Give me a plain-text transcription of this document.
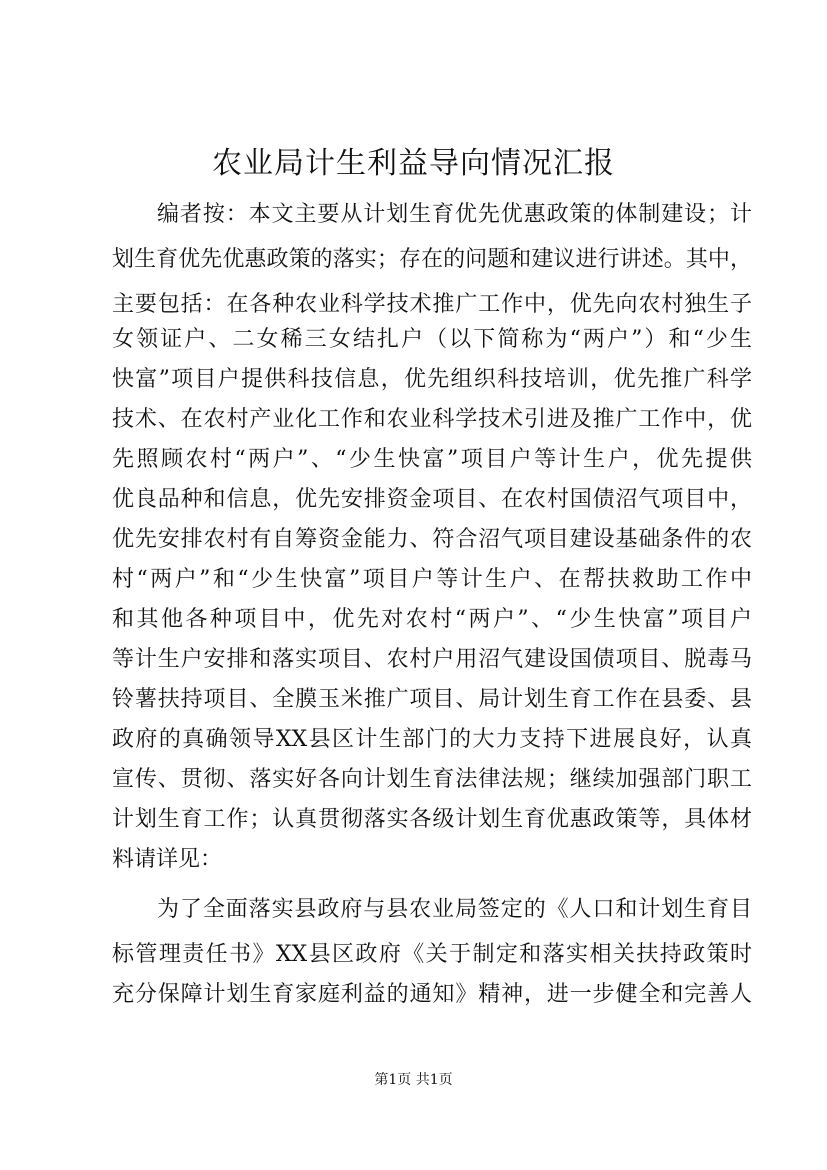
农业局计生利益导向情况汇报

编者按：本文主要从计划生育优先优惠政策的体制建设；计

划生育优先优惠政策的落实；存在的问题和建议进行讲述。其中，

主要包括：在各种农业科学技术推广工作中，优先向农村独生子

女领证户、二女稀三女结扎户（以下简称为“两户”）和“少生

快富”项目户提供科技信息，优先组织科技培训，优先推广科学

技术、在农村产业化工作和农业科学技术引进及推广工作中，优

先照顾农村“两户”、“少生快富”项目户等计生户，优先提供

优良品种和信息，优先安排资金项目、在农村国债沼气项目中，

优先安排农村有自筹资金能力、符合沼气项目建设基础条件的农

村“两户”和“少生快富”项目户等计生户、在帮扶救助工作中

和其他各种项目中，优先对农村“两户”、“少生快富”项目户

等计生户安排和落实项目、农村户用沼气建设国债项目、脱毒马

铃薯扶持项目、全膜玉米推广项目、局计划生育工作在县委、县

政府的真确领导XX县区计生部门的大力支持下进展良好，认真

宣传、贯彻、落实好各向计划生育法律法规；继续加强部门职工

计划生育工作；认真贯彻落实各级计划生育优惠政策等，具体材

料请详见：

为了全面落实县政府与县农业局签定的《人口和计划生育目

标管理责任书》XX县区政府《关于制定和落实相关扶持政策时

充分保障计划生育家庭利益的通知》精神，进一步健全和完善人

第1页 共1页
